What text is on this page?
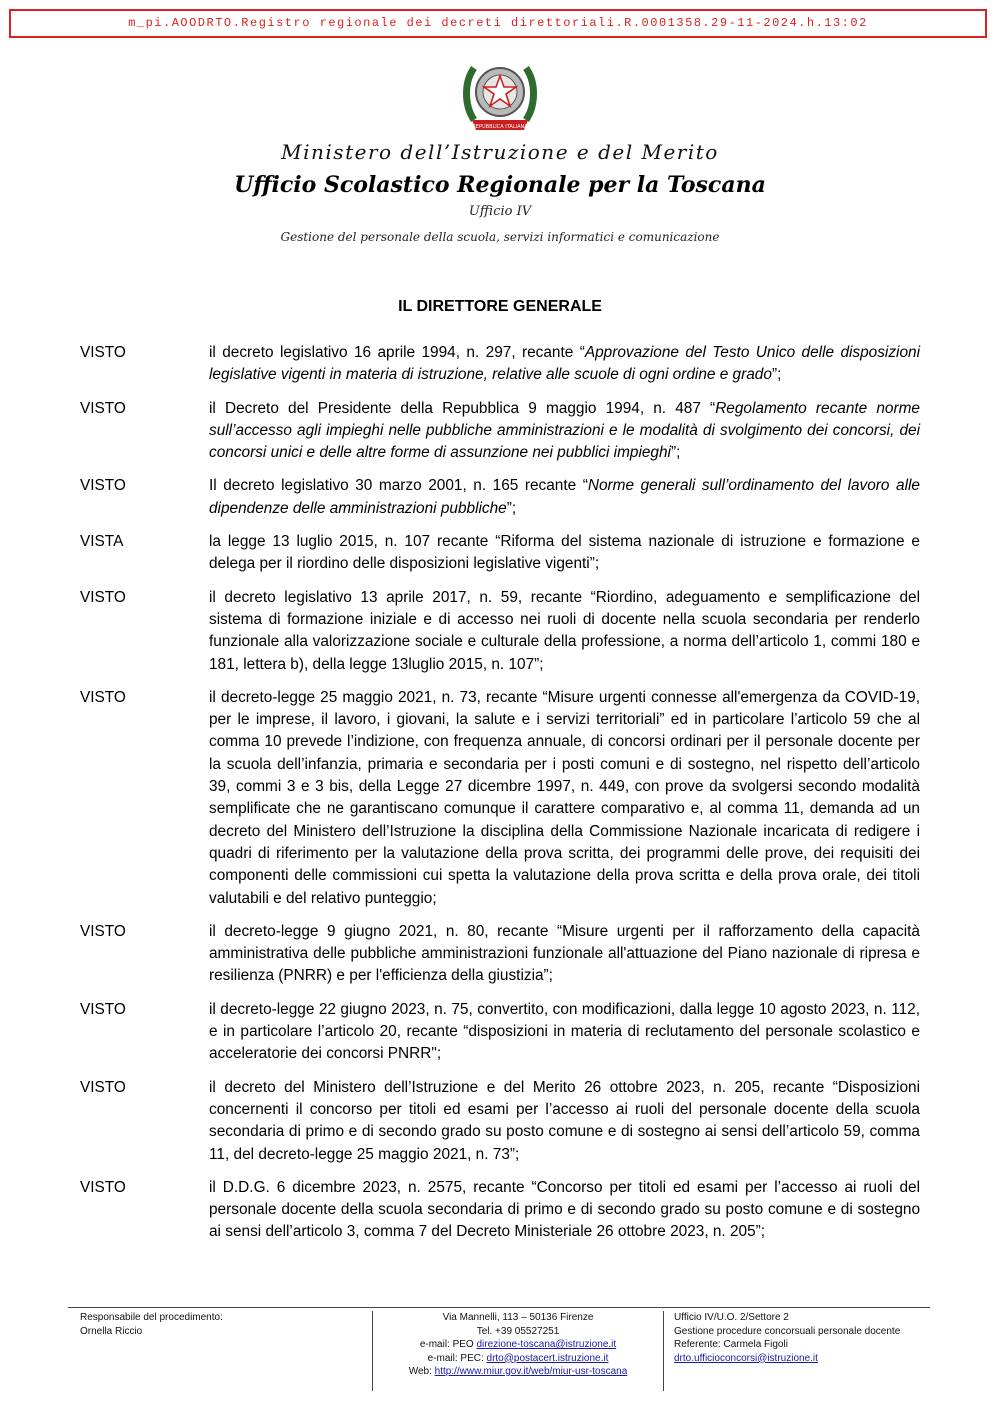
m_pi.AOODRTO.Registro regionale dei decreti direttoriali.R.0001358.29-11-2024.h.13:02
REPUBBLICA ITALIANA
Ministero dell’Istruzione e del Merito
Ufficio Scolastico Regionale per la Toscana
Ufficio IV
Gestione del personale della scuola, servizi informatici e comunicazione
IL DIRETTORE GENERALE
VISTO	il decreto legislativo 16 aprile 1994, n. 297, recante “Approvazione del Testo Unico delle disposizioni legislative vigenti in materia di istruzione, relative alle scuole di ogni ordine e grado”;
VISTO	il Decreto del Presidente della Repubblica 9 maggio 1994, n. 487 “Regolamento recante norme sull’accesso agli impieghi nelle pubbliche amministrazioni e le modalità di svolgimento dei concorsi, dei concorsi unici e delle altre forme di assunzione nei pubblici impieghi”;
VISTO	Il decreto legislativo 30 marzo 2001, n. 165 recante “Norme generali sull’ordinamento del lavoro alle dipendenze delle amministrazioni pubbliche”;
VISTA	la legge 13 luglio 2015, n. 107 recante “Riforma del sistema nazionale di istruzione e formazione e delega per il riordino delle disposizioni legislative vigenti”;
VISTO	il decreto legislativo 13 aprile 2017, n. 59, recante “Riordino, adeguamento e semplificazione del sistema di formazione iniziale e di accesso nei ruoli di docente nella scuola secondaria per renderlo funzionale alla valorizzazione sociale e culturale della professione, a norma dell’articolo 1, commi 180 e 181, lettera b), della legge 13luglio 2015, n. 107”;
VISTO	il decreto-legge 25 maggio 2021, n. 73, recante “Misure urgenti connesse all'emergenza da COVID-19, per le imprese, il lavoro, i giovani, la salute e i servizi territoriali” ed in particolare l’articolo 59 che al comma 10 prevede l’indizione, con frequenza annuale, di concorsi ordinari per il personale docente per la scuola dell’infanzia, primaria e secondaria per i posti comuni e di sostegno, nel rispetto dell’articolo 39, commi 3 e 3 bis, della Legge 27 dicembre 1997, n. 449, con prove da svolgersi secondo modalità semplificate che ne garantiscano comunque il carattere comparativo e, al comma 11, demanda ad un decreto del Ministero dell’Istruzione la disciplina della Commissione Nazionale incaricata di redigere i quadri di riferimento per la valutazione della prova scritta, dei programmi delle prove, dei requisiti dei componenti delle commissioni cui spetta la valutazione della prova scritta e della prova orale, dei titoli valutabili e del relativo punteggio;
VISTO	il decreto-legge 9 giugno 2021, n. 80, recante “Misure urgenti per il rafforzamento della capacità amministrativa delle pubbliche amministrazioni funzionale all'attuazione del Piano nazionale di ripresa e resilienza (PNRR) e per l'efficienza della giustizia”;
VISTO	il decreto-legge 22 giugno 2023, n. 75, convertito, con modificazioni, dalla legge 10 agosto 2023, n. 112, e in particolare l’articolo 20, recante “disposizioni in materia di reclutamento del personale scolastico e acceleratorie dei concorsi PNRR";
VISTO	il decreto del Ministero dell’Istruzione e del Merito 26 ottobre 2023, n. 205, recante “Disposizioni concernenti il concorso per titoli ed esami per l’accesso ai ruoli del personale docente della scuola secondaria di primo e di secondo grado su posto comune e di sostegno ai sensi dell’articolo 59, comma 11, del decreto-legge 25 maggio 2021, n. 73”;
VISTO	il D.D.G. 6 dicembre 2023, n. 2575, recante “Concorso per titoli ed esami per l’accesso ai ruoli del personale docente della scuola secondaria di primo e di secondo grado su posto comune e di sostegno ai sensi dell’articolo 3, comma 7 del Decreto Ministeriale 26 ottobre 2023, n. 205”;
Responsabile del procedimento:
Ornella Riccio
Via Mannelli, 113 – 50136 Firenze
Tel. +39 05527251
e-mail: PEO direzione-toscana@istruzione.it
e-mail: PEC: drto@postacert.istruzione.it
Web: http://www.miur.gov.it/web/miur-usr-toscana
Ufficio IV/U.O. 2/Settore 2
Gestione procedure concorsuali personale docente
Referente: Carmela Figoli
drto.ufficioconcorsi@istruzione.it
